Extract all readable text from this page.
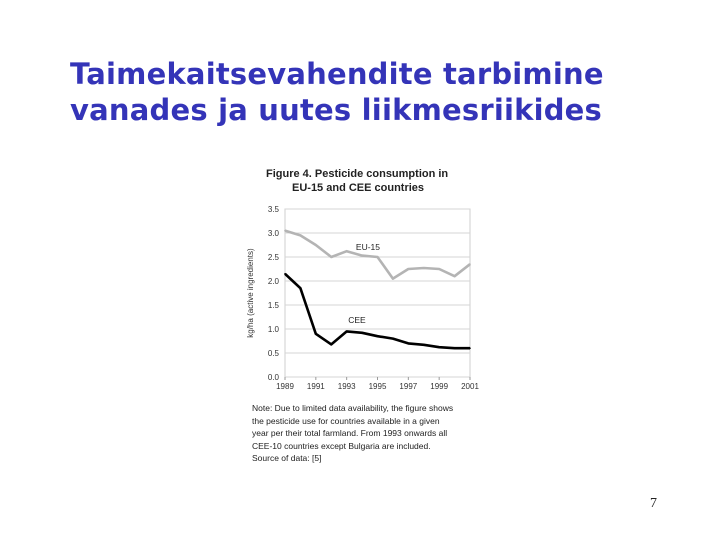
Taimekaitsevahendite tarbimine
vanades ja uutes liikmesriikides
Figure 4. Pesticide consumption in
EU-15 and CEE countries
0.0
0.5
1.0
1.5
2.0
2.5
3.0
3.5
1989 1991 1993 1995 1997 1999 2001
kg/ha (active ingredients)
EU-15
CEE
Note: Due to limited data availability, the figure shows
the pesticide use for countries available in a given
year per their total farmland. From 1993 onwards all
CEE-10 countries except Bulgaria are included.
Source of data: [5]
7
